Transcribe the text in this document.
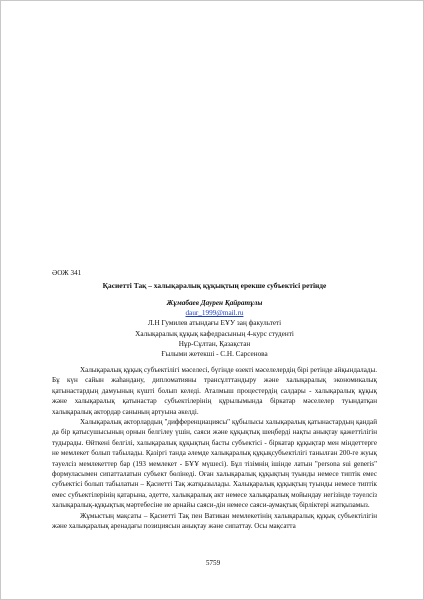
ӘОЖ 341
Қасиетті Тақ – халықаралық құқықтың ерекше субъектісі ретінде
Жұмабаев Даурен Қайратұлы
daur_1999@mail.ru
Л.Н Гумилев атындағы ЕҰУ заң факультеті
Халықаралық құқық кафедрасының 4-курс студенті
Нұр-Сұлтан, Қазақстан
Ғылыми жетекші - С.Н. Сарсенова

Халықаралық құқық субъектілігі мәселесі, бүгінде өзекті мәселелердің бірі ретінде айқындалады. Бұ күн сайын жаһандану, дипломатияны трансұлттандыру және халықаралық экономикалық қатынастардың дамуының күшті болып келеді. Аталмыш процестердің салдары - халықаралық құқық және халықаралық қатынастар субъектілерінің құрылымында біркатар мәселелер туындатқан халықаралық актордар санының артуына әкелді.

Халықаралық акторлардың "дифференциациясы" құбылысы халықаралық қатынастардың қандай да бір қатысушысының орнын белгілеу үшін, саяси және құқықтық шеңберді нақты анықтау қажеттілігін тудырады. Өйткені белгілі, халықаралық құқықтың басты субъектісі - біркатар құқықтар мен міндеттерге не мемлекет болып табылады. Қазіргі танда әлемде халықаралық құқықсубъектілігі танылған 200-ге жуық тәуелсіз мемлекеттер бар (193 мемлекет - БҰҰ мүшесі). Бұл тізімнің ішінде латын "persona sui generis" формуласымен сипатталатын субъект бөлінеді. Оған халықаралық құқықтың туынды немесе типтік емес субъектісі болып табылатын – Қасиетті Тақ жатқызылады. Халықаралық құқықтың туынды немесе типтік емес субъектілерінің қатарына, әдетте, халықаралық акт немесе халықаралық мойындау негізінде тәуелсіз халықаралық-құқықтық мәртебесіне ие арнайы саяси-дін немесе саяси-аумақтық бірліктері жатқызамыз.

Жұмыстың мақсаты – Қасиетті Тақ пен Ватикан мемлекетінің халықаралық құқық субъектілігін және халықаралық аренадағы позициясын анықтау және сипаттау. Осы мақсатта

5759
